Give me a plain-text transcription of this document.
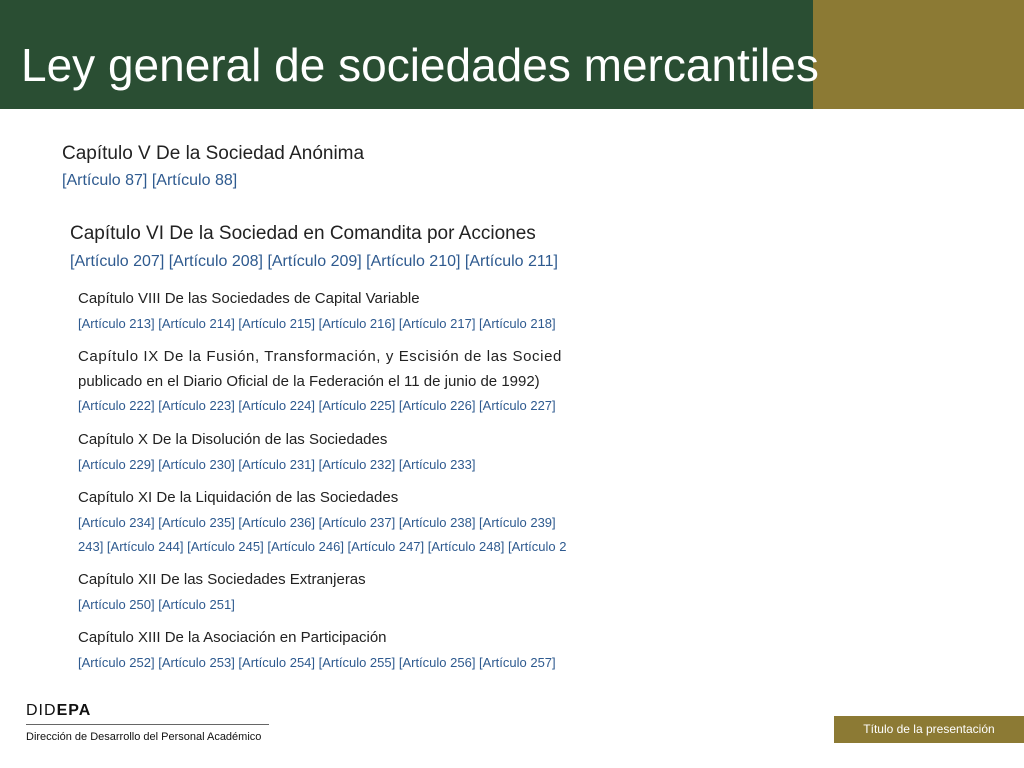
Ley general de sociedades mercantiles
Capítulo V De la Sociedad Anónima
[Artículo 87] [Artículo 88]
Capítulo VI De la Sociedad en Comandita por Acciones
[Artículo 207] [Artículo 208] [Artículo 209] [Artículo 210] [Artículo 211]
Capítulo VIII De las Sociedades de Capital Variable
[Artículo 213] [Artículo 214] [Artículo 215] [Artículo 216] [Artículo 217] [Artículo 218]
Capítulo IX De la Fusión, Transformación, y Escisión de las Socied
publicado en el Diario Oficial de la Federación el 11 de junio de 1992)
[Artículo 222] [Artículo 223] [Artículo 224] [Artículo 225] [Artículo 226] [Artículo 227]
Capítulo X De la Disolución de las Sociedades
[Artículo 229] [Artículo 230] [Artículo 231] [Artículo 232] [Artículo 233]
Capítulo XI De la Liquidación de las Sociedades
[Artículo 234] [Artículo 235] [Artículo 236] [Artículo 237] [Artículo 238] [Artículo 239]
243] [Artículo 244] [Artículo 245] [Artículo 246] [Artículo 247] [Artículo 248] [Artículo 2
Capítulo XII De las Sociedades Extranjeras
[Artículo 250] [Artículo 251]
Capítulo XIII De la Asociación en Participación
[Artículo 252] [Artículo 253] [Artículo 254] [Artículo 255] [Artículo 256] [Artículo 257]
DIDEPA
Dirección de Desarrollo del Personal Académico
Título de la presentación
